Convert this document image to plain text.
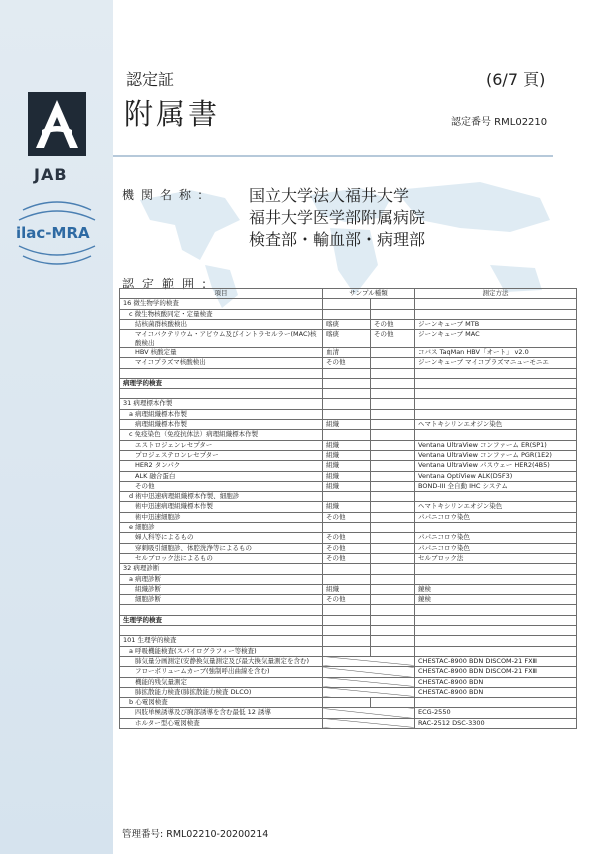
JAB
ilac-MRA
認定証	(6/7 頁)
附属書	認定番号 RML02210
機関名称: 国立大学法人福井大学
福井大学医学部附属病院
検査部・輸血部・病理部
認定範囲:
項目	サンプル種類		測定方法
16 微生物学的検査			
c 微生物核酸同定・定量検査			
結核菌群核酸検出	喀痰	その他	ジーンキューブ MTB
マイコバクテリウム・アビウム及びイントラセルラー(MAC)核酸検出	喀痰	その他	ジーンキューブ MAC
HBV 核酸定量	血清		コバス TaqMan HBV「オート」 v2.0
マイコプラズマ核酸検出	その他		ジーンキューブ マイコプラズマニューモニエ

病理学的検査			

31 病理標本作製			
a 病理組織標本作製			
病理組織標本作製	組織		ヘマトキシリンエオジン染色
c 免疫染色（免疫抗体法）病理組織標本作製			
エストロジェンレセプター	組織		Ventana UltraView コンファーム ER(SP1)
プロジェステロンレセプター	組織		Ventana UltraView コンファーム PGR(1E2)
HER2 タンパク	組織		Ventana UltraView パスウェー HER2(4B5)
ALK 融合蛋白	組織		Ventana OptiView ALK(D5F3)
その他	組織		BOND-III 全自動 IHC システム
d 術中迅速病理組織標本作製、細胞診			
術中迅速病理組織標本作製	組織		ヘマトキシリンエオジン染色
術中迅速細胞診	その他		パパニコロウ染色
e 細胞診			
婦人科等によるもの	その他		パパニコロウ染色
穿刺吸引細胞診、体腔洗浄等によるもの	その他		パパニコロウ染色
セルブロック法によるもの	その他		セルブロック法
32 病理診断			
a 病理診断			
組織診断	組織		鏡検
細胞診断	その他		鏡検

生理学的検査			

101 生理学的検査			
a 呼吸機能検査(スパイログラフィー等検査)			
肺気量分画測定(安静換気量測定及び最大換気量測定を含む)			CHESTAC-8900 BDN DISCOM-21 FXⅢ
フローボリュームカーブ(強制呼出曲線を含む)			CHESTAC-8900 BDN DISCOM-21 FXⅢ
機能的残気量測定			CHESTAC-8900 BDN
肺拡散能力検査(肺拡散能力検査 DLCO)			CHESTAC-8900 BDN
b 心電図検査			
四肢単極誘導及び胸部誘導を含む最低 12 誘導			ECG-2550
ホルター型心電図検査			RAC-2512 DSC-3300
管理番号: RML02210-20200214
